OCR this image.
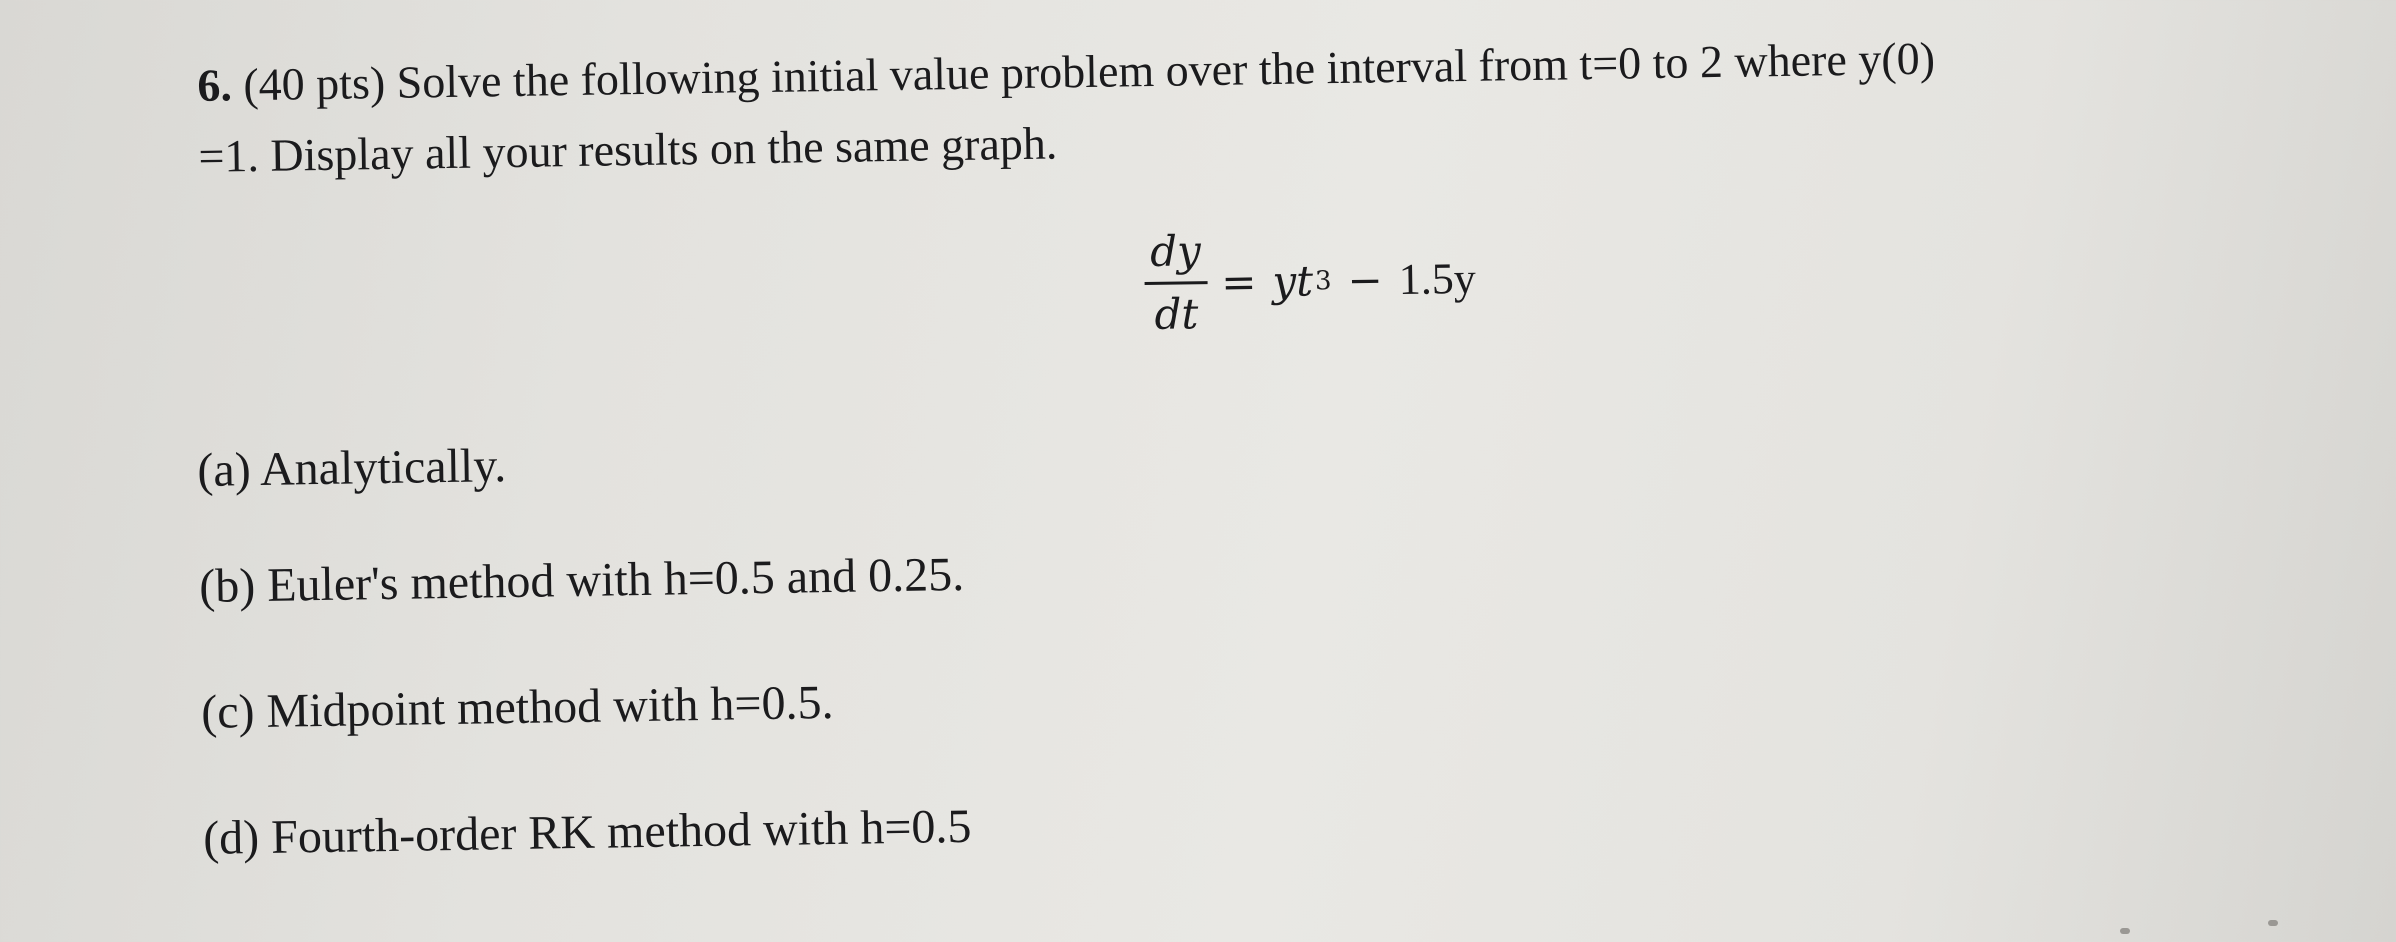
6. (40 pts) Solve the following initial value problem over the interval from t=0 to 2 where y(0)
=1. Display all your results on the same graph.
$\frac{dy}{dt} = yt^3 - 1.5y$
(a) Analytically.
(b) Euler's method with h=0.5 and 0.25.
(c) Midpoint method with h=0.5.
(d) Fourth-order RK method with h=0.5
